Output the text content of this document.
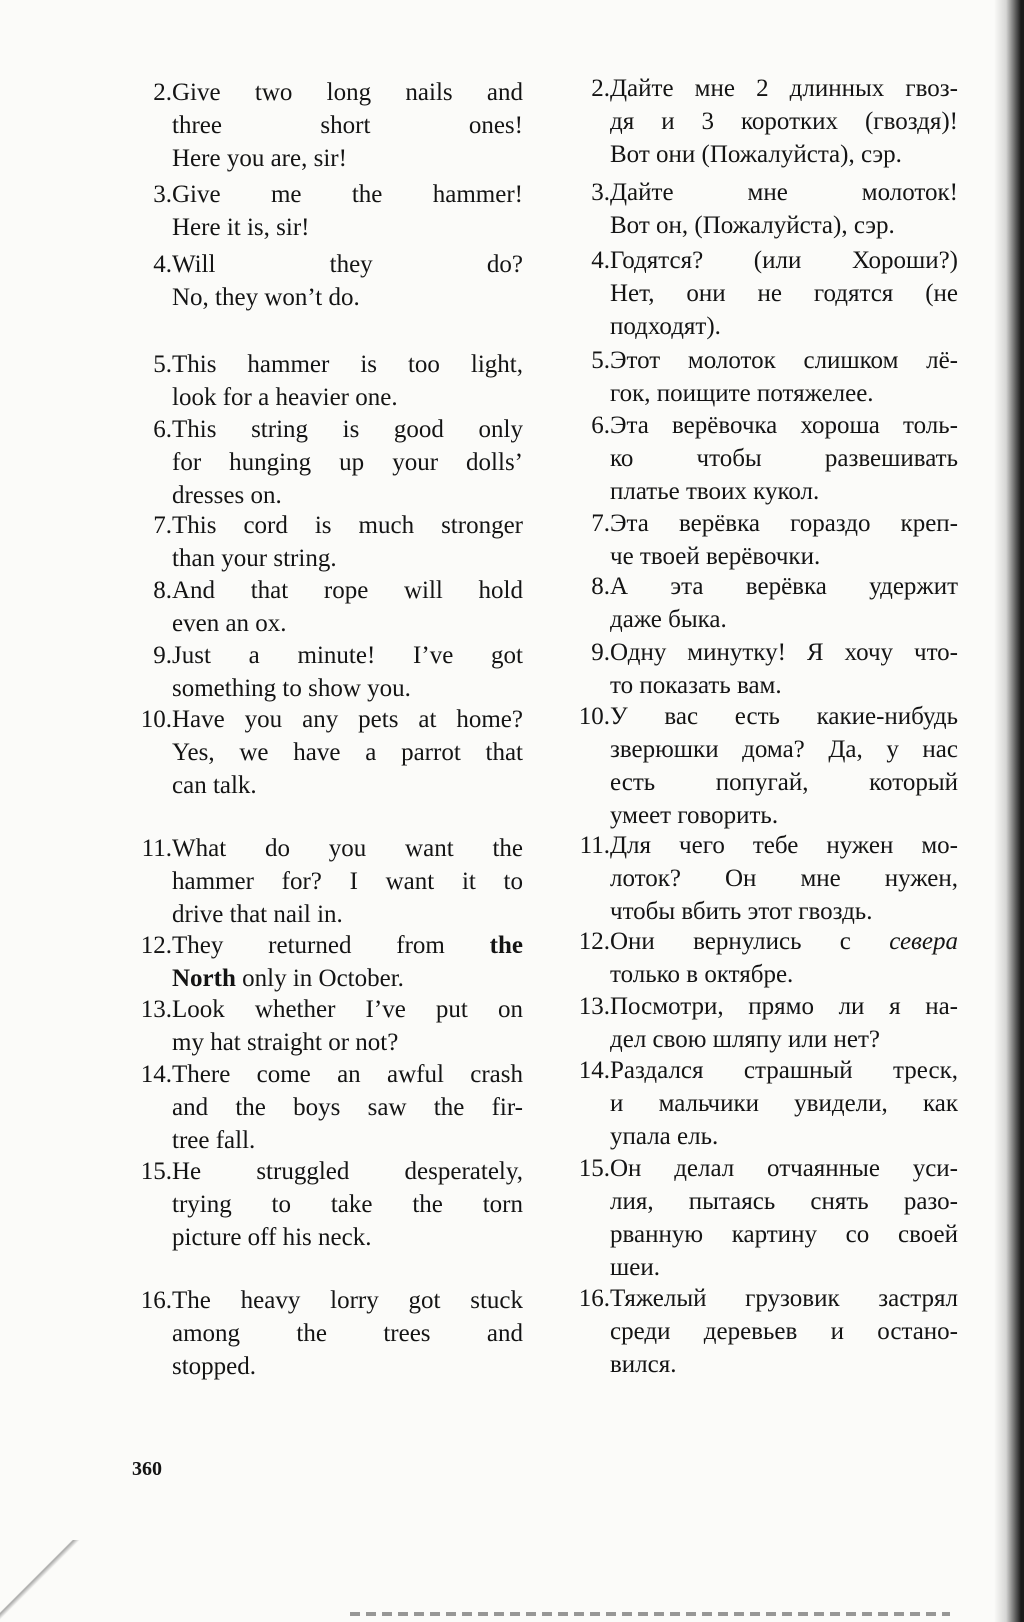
2. Give two long nails and
three short ones!
Here you are, sir!
3. Give me the hammer!
Here it is, sir!
4. Will they do?
No, they won’t do.
5. This hammer is too light,
look for a heavier one.
6. This string is good only
for hunging up your dolls’
dresses on.
7. This cord is much stronger
than your string.
8. And that rope will hold
even an ox.
9. Just a minute! I’ve got
something to show you.
10. Have you any pets at home?
Yes, we have a parrot that
can talk.
11. What do you want the
hammer for? I want it to
drive that nail in.
12. They returned from the
North only in October.
13. Look whether I’ve put on
my hat straight or not?
14. There come an awful crash
and the boys saw the fir-
tree fall.
15. He struggled desperately,
trying to take the torn
picture off his neck.
16. The heavy lorry got stuck
among the trees and
stopped.
2. Дайте мне 2 длинных гвоз-
дя и 3 коротких (гвоздя)!
Вот они (Пожалуйста), сэр.
3. Дайте мне молоток!
Вот он, (Пожалуйста), сэр.
4. Годятся? (или Хороши?)
Нет, они не годятся (не
подходят).
5. Этот молоток слишком лё-
гок, поищите потяжелее.
6. Эта верёвочка хороша толь-
ко чтобы развешивать
платье твоих кукол.
7. Эта верёвка гораздо креп-
че твоей верёвочки.
8. А эта верёвка удержит
даже быка.
9. Одну минутку! Я хочу что-
то показать вам.
10. У вас есть какие-нибудь
зверюшки дома? Да, у нас
есть попугай, который
умеет говорить.
11. Для чего тебе нужен мо-
лоток? Он мне нужен,
чтобы вбить этот гвоздь.
12. Они вернулись с севера
только в октябре.
13. Посмотри, прямо ли я на-
дел свою шляпу или нет?
14. Раздался страшный треск,
и мальчики увидели, как
упала ель.
15. Он делал отчаянные уси-
лия, пытаясь снять разо-
рванную картину со своей
шеи.
16. Тяжелый грузовик застрял
среди деревьев и остано-
вился.
360
